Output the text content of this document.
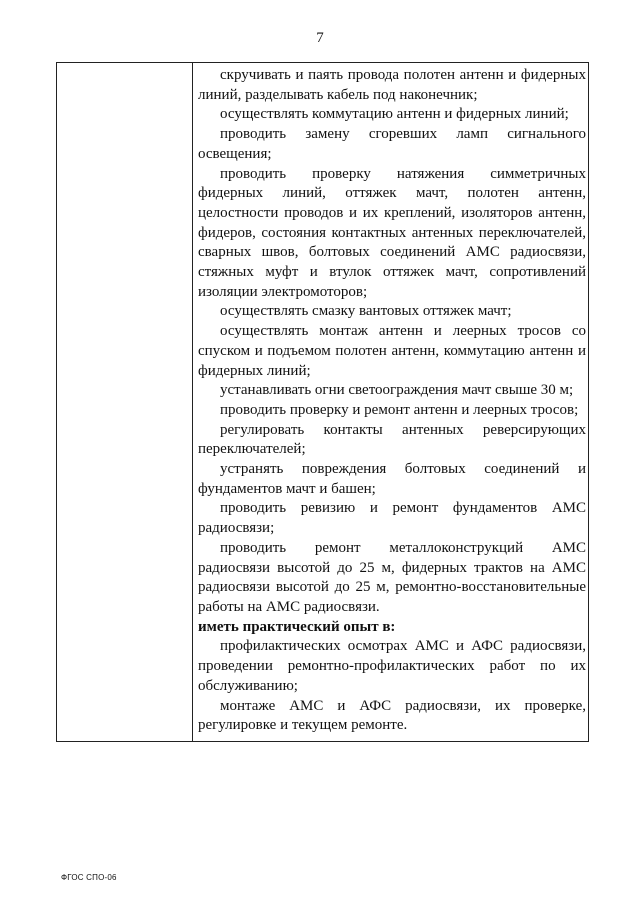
7

скручивать и паять провода полотен антенн и фидерных линий, разделывать кабель под наконечник;

осуществлять коммутацию антенн и фидерных линий;

проводить замену сгоревших ламп сигнального освещения;

проводить проверку натяжения симметричных фидерных линий, оттяжек мачт, полотен антенн, целостности проводов и их креплений, изоляторов антенн, фидеров, состояния контактных антенных переключателей, сварных швов, болтовых соединений АМС радиосвязи, стяжных муфт и втулок оттяжек мачт, сопротивлений изоляции электромоторов;

осуществлять смазку вантовых оттяжек мачт;

осуществлять монтаж антенн и леерных тросов со спуском и подъемом полотен антенн, коммутацию антенн и фидерных линий;

устанавливать огни светоограждения мачт свыше 30 м;

проводить проверку и ремонт антенн и леерных тросов;

регулировать контакты антенных реверсирующих переключателей;

устранять повреждения болтовых соединений и фундаментов мачт и башен;

проводить ревизию и ремонт фундаментов АМС радиосвязи;

проводить ремонт металлоконструкций АМС радиосвязи высотой до 25 м, фидерных трактов на АМС радиосвязи высотой до 25 м, ремонтно-восстановительные работы на АМС радиосвязи.

иметь практический опыт в:

профилактических осмотрах АМС и АФС радиосвязи, проведении ремонтно-профилактических работ по их обслуживанию;

монтаже АМС и АФС радиосвязи, их проверке, регулировке и текущем ремонте.

ФГОС СПО-06
